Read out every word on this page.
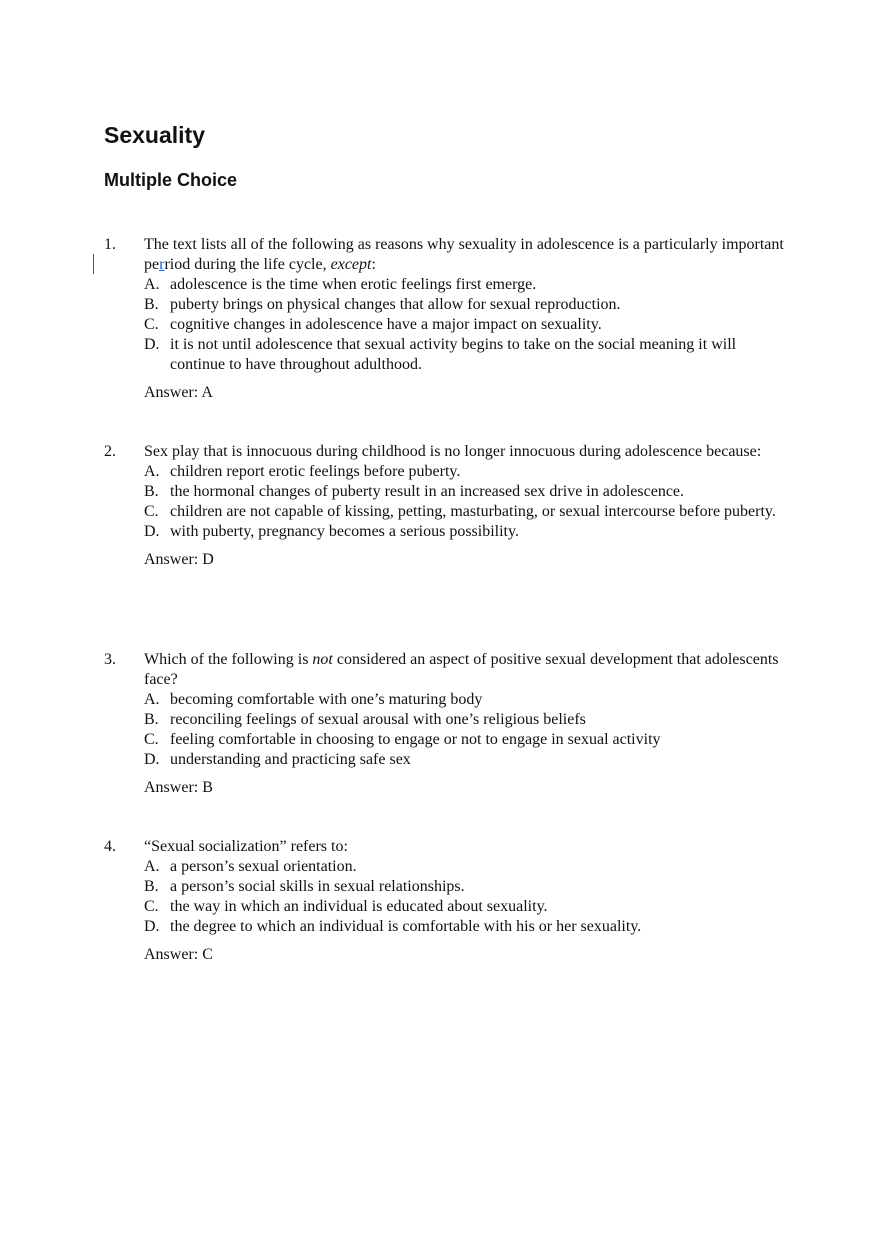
Sexuality
Multiple Choice
1. The text lists all of the following as reasons why sexuality in adolescence is a particularly important perriod during the life cycle, except:
A. adolescence is the time when erotic feelings first emerge.
B. puberty brings on physical changes that allow for sexual reproduction.
C. cognitive changes in adolescence have a major impact on sexuality.
D. it is not until adolescence that sexual activity begins to take on the social meaning it will continue to have throughout adulthood.
Answer: A
2. Sex play that is innocuous during childhood is no longer innocuous during adolescence because:
A. children report erotic feelings before puberty.
B. the hormonal changes of puberty result in an increased sex drive in adolescence.
C. children are not capable of kissing, petting, masturbating, or sexual intercourse before puberty.
D. with puberty, pregnancy becomes a serious possibility.
Answer: D
3. Which of the following is not considered an aspect of positive sexual development that adolescents face?
A. becoming comfortable with one’s maturing body
B. reconciling feelings of sexual arousal with one’s religious beliefs
C. feeling comfortable in choosing to engage or not to engage in sexual activity
D. understanding and practicing safe sex
Answer: B
4. “Sexual socialization” refers to:
A. a person’s sexual orientation.
B. a person’s social skills in sexual relationships.
C. the way in which an individual is educated about sexuality.
D. the degree to which an individual is comfortable with his or her sexuality.
Answer: C
